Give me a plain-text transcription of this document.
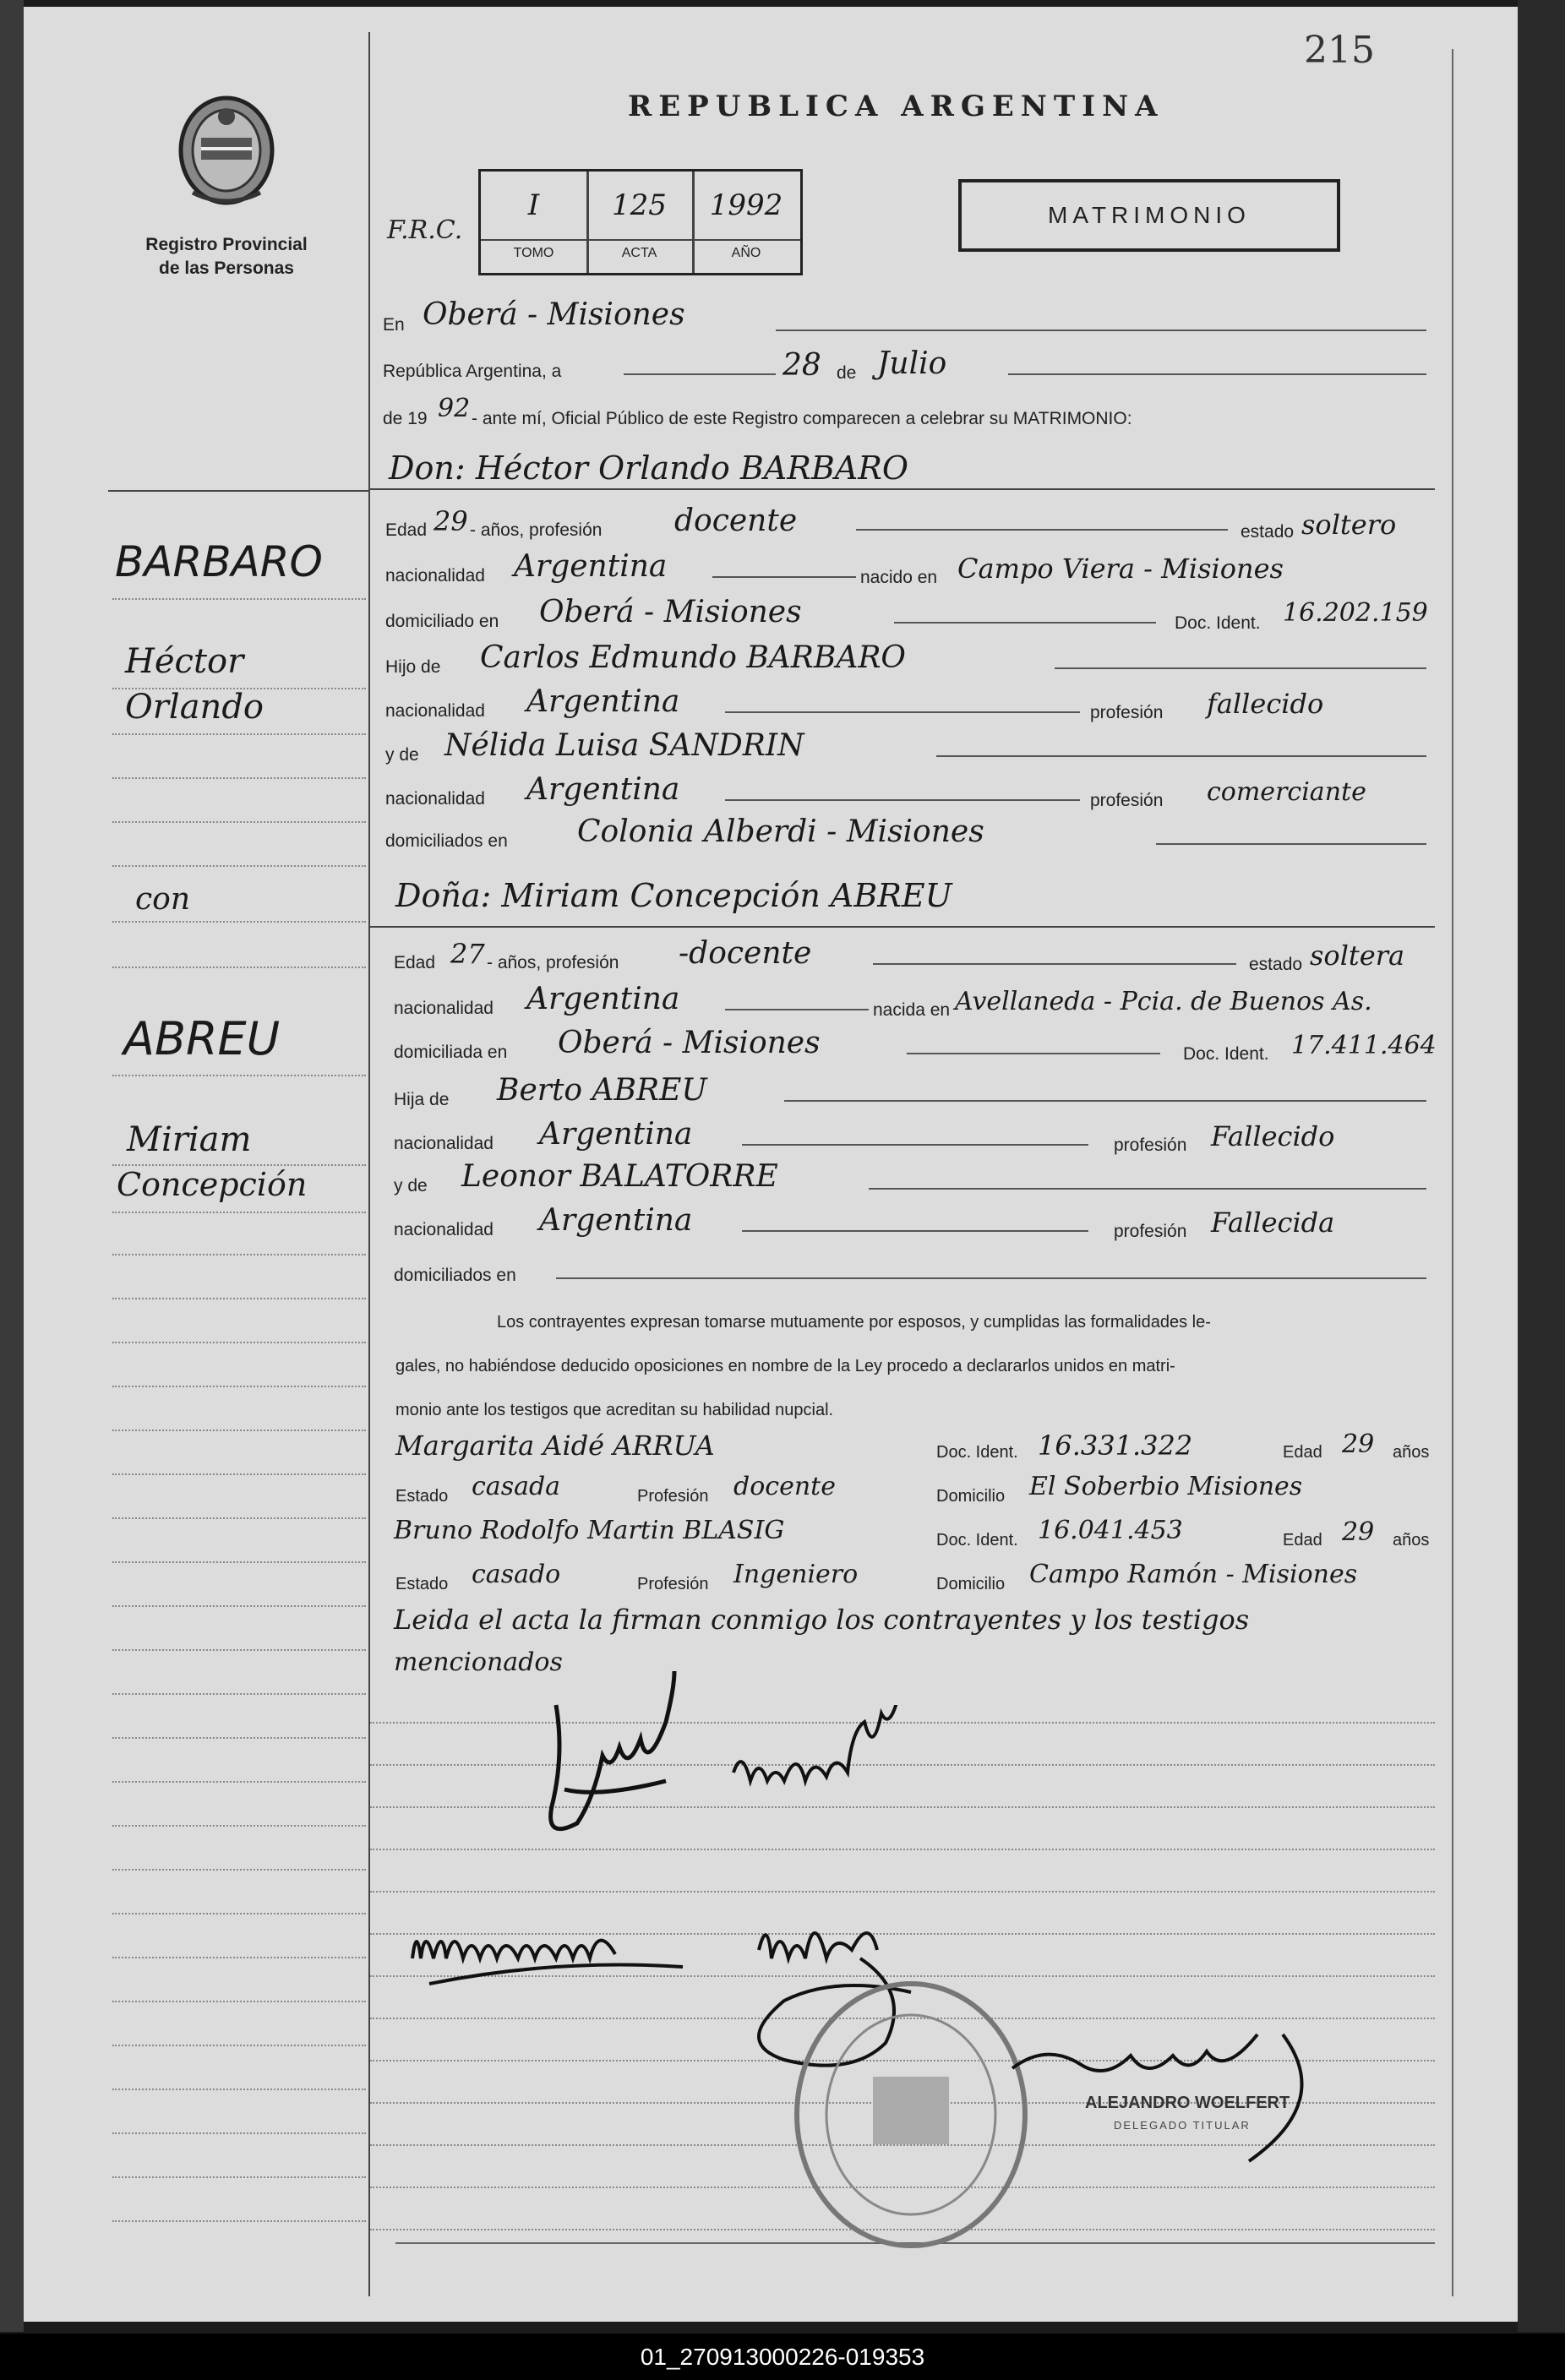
215
Registro Provincial
de las Personas
REPUBLICA ARGENTINA
F.R.C.
I	125	1992
TOMO	ACTA	AÑO
MATRIMONIO
En Oberá - Misiones
República Argentina, a	28 de Julio
de 19 92 - ante mí, Oficial Público de este Registro comparecen a celebrar su MATRIMONIO:
Don: Héctor Orlando BARBARO
Edad 29 - años, profesión docente	estado soltero
nacionalidad Argentina	nacido en Campo Viera - Misiones
domiciliado en Oberá - Misiones	Doc. Ident. 16.202.159
Hijo de Carlos Edmundo BARBARO
nacionalidad Argentina	profesión fallecido
y de Nélida Luisa SANDRIN
nacionalidad Argentina	profesión comerciante
domiciliados en Colonia Alberdi - Misiones
Doña: Miriam Concepción ABREU
Edad 27 - años, profesión -docente	estado soltera
nacionalidad Argentina	nacida en Avellaneda - Pcia. de Buenos As.
domiciliada en Oberá - Misiones	Doc. Ident. 17.411.464
Hija de Berto ABREU
nacionalidad Argentina	profesión Fallecido
y de Leonor BALATORRE
nacionalidad Argentina	profesión Fallecida
domiciliados en
Los contrayentes expresan tomarse mutuamente por esposos, y cumplidas las formalidades le-
gales, no habiéndose deducido oposiciones en nombre de la Ley procedo a declararlos unidos en matri-
monio ante los testigos que acreditan su habilidad nupcial.
Margarita Aidé ARRUA	Doc. Ident. 16.331.322	Edad 29 años
Estado casada	Profesión docente	Domicilio El Soberbio Misiones
Bruno Rodolfo Martin BLASIG	Doc. Ident. 16.041.453	Edad 29 años
Estado casado	Profesión Ingeniero	Domicilio Campo Ramón - Misiones
Leida el acta la firman conmigo los contrayentes y los testigos
mencionados
BARBARO
Héctor
Orlando
con
ABREU
Miriam
Concepción
ALEJANDRO WOELFERT
DELEGADO TITULAR
01_270913000226-019353
